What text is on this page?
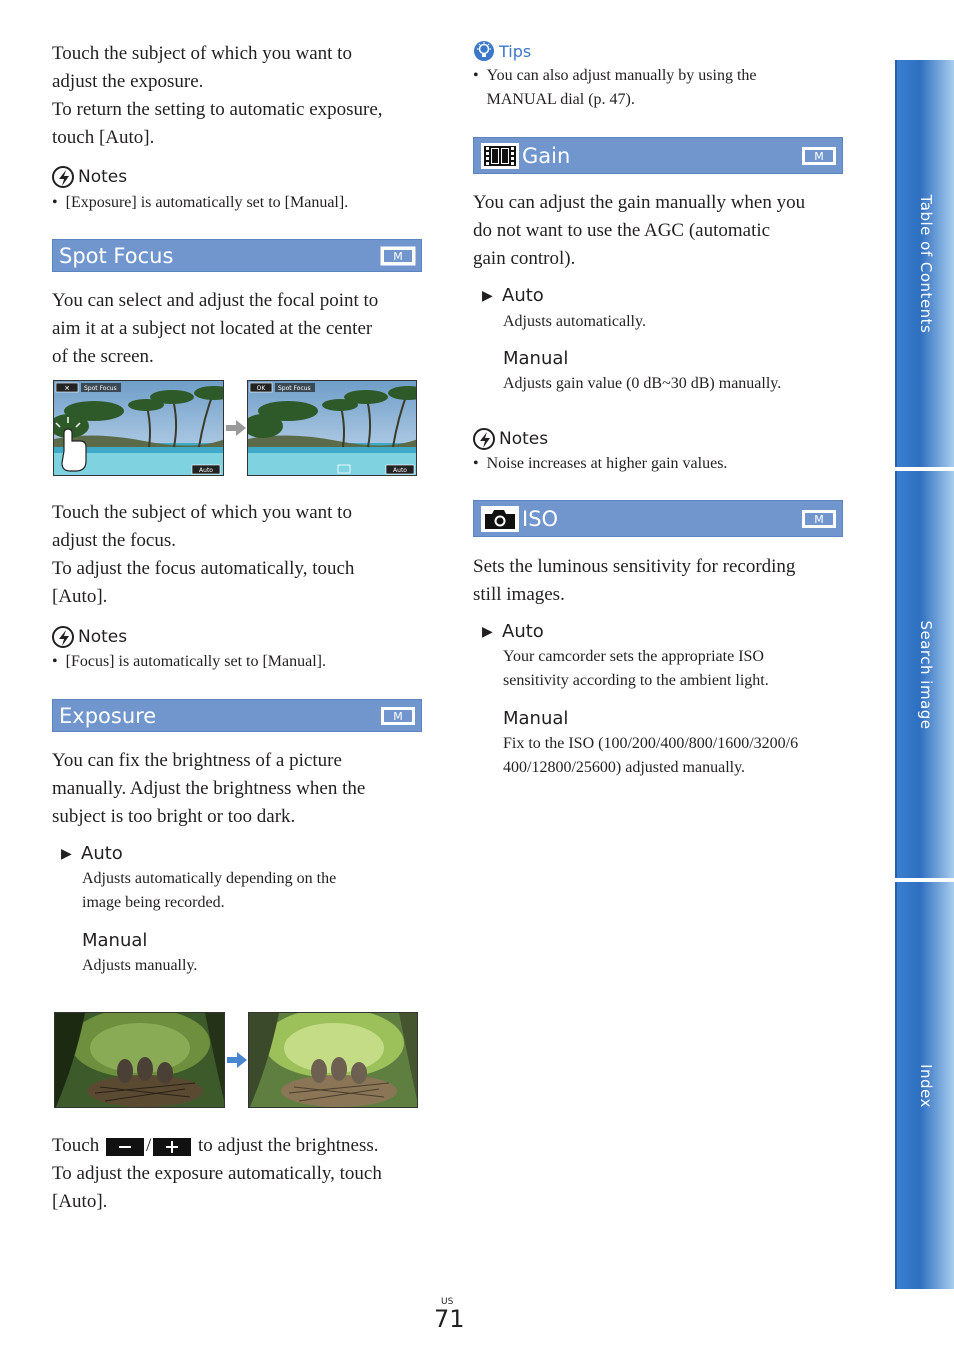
Touch the subject of which you want to
adjust the exposure.
To return the setting to automatic exposure,
touch [Auto].
Notes
• [Exposure] is automatically set to [Manual].
Spot Focus	M
You can select and adjust the focal point to
aim it at a subject not located at the center
of the screen.
✕ Spot Focus
Auto
OK Spot Focus
Auto
Touch the subject of which you want to
adjust the focus.
To adjust the focus automatically, touch
[Auto].
Notes
• [Focus] is automatically set to [Manual].
Exposure	M
You can fix the brightness of a picture
manually. Adjust the brightness when the
subject is too bright or too dark.
▶ Auto
Adjusts automatically depending on the
image being recorded.
Manual
Adjusts manually.
Touch / to adjust the brightness.
To adjust the exposure automatically, touch
[Auto].
Tips
• You can also adjust manually by using the
MANUAL dial (p. 47).
Gain	M
You can adjust the gain manually when you
do not want to use the AGC (automatic
gain control).
▶ Auto
Adjusts automatically.
Manual
Adjusts gain value (0 dB~30 dB) manually.
Notes
• Noise increases at higher gain values.
ISO	M
Sets the luminous sensitivity for recording
still images.
▶ Auto
Your camcorder sets the appropriate ISO
sensitivity according to the ambient light.
Manual
Fix to the ISO (100/200/400/800/1600/3200/6
400/12800/25600) adjusted manually.
Table of Contents
Search image
Index
US
71
